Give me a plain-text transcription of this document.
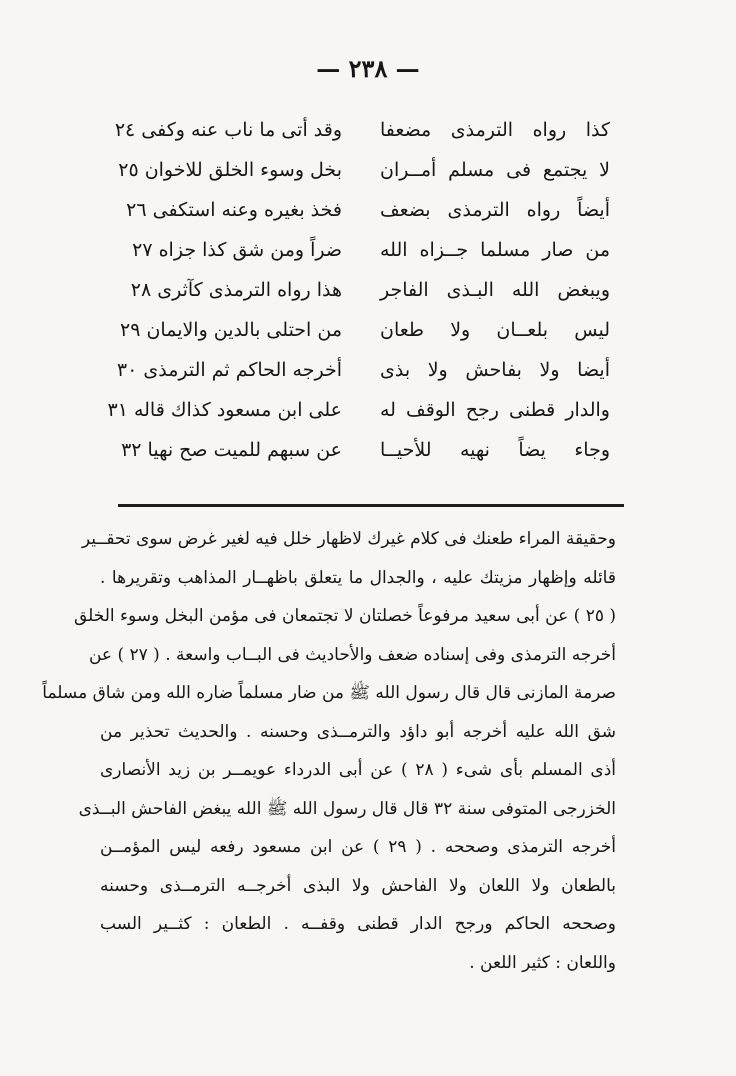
— ٢٣٨ —
كذا رواه الترمذى مضعفا
وقد أتى ما ناب عنه وكفى ٢٤
لا يجتمع فى مسلم أمــران
بخل وسوء الخلق للاخوان ٢٥
أيضاً رواه الترمذى بضعف
فخذ بغيره وعنه استكفى ٢٦
من صار مسلما جــزاه الله
ضراً ومن شق كذا جزاه ٢٧
ويبغض الله البـذى الفاجر
هذا رواه الترمذى كآثرى ٢٨
ليس بلعــان ولا طعان
من احتلى بالدين والايمان ٢٩
أيضا ولا بفاحش ولا بذى
أخرجه الحاكم ثم الترمذى ٣٠
والدار قطنى رجح الوقف له
على ابن مسعود كذاك قاله ٣١
وجاء يضاً نهيه للأحيــا
عن سبهم للميت صح نهيا ٣٢
وحقيقة المراء طعنك فى كلام غيرك لاظهار خلل فيه لغير غرض سوى تحقــير
قائله وإظهار مزيتك عليه ، والجدال ما يتعلق باظهــار المذاهب وتقريرها .
( ٢٥ ) عن أبى سعيد مرفوعاً خصلتان لا تجتمعان فى مؤمن البخل وسوء الخلق
أخرجه الترمذى وفى إسناده ضعف والأحاديث فى البــاب واسعة . ( ٢٧ ) عن
صرمة المازنى قال قال رسول الله ﷺ من ضار مسلماً ضاره الله ومن شاق مسلماً
شق الله عليه أخرجه أبو داؤد والترمــذى وحسنه . والحديث تحذير من
أذى المسلم بأى شىء ( ٢٨ ) عن أبى الدرداء عويمــر بن زيد الأنصارى
الخزرجى المتوفى سنة ٣٢ قال قال رسول الله ﷺ الله يبغض الفاحش البــذى
أخرجه الترمذى وصححه . ( ٢٩ ) عن ابن مسعود رفعه ليس المؤمــن
بالطعان ولا اللعان ولا الفاحش ولا البذى أخرجــه الترمــذى وحسنه
وصححه الحاكم ورجح الدار قطنى وقفــه . الطعان : كثــير السب
واللعان : كثير اللعن .
